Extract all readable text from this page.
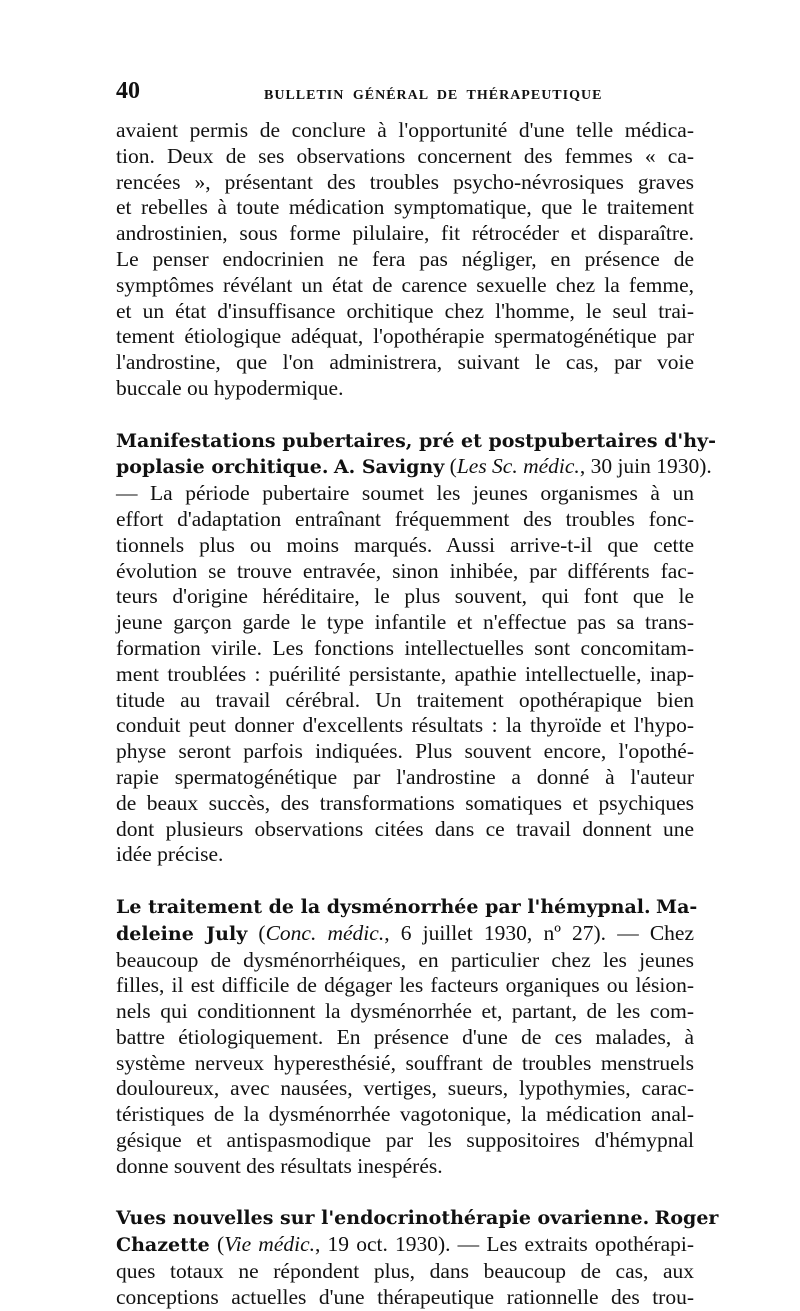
40	BULLETIN GÉNÉRAL DE THÉRAPEUTIQUE
avaient permis de conclure à l'opportunité d'une telle médica-
tion. Deux de ses observations concernent des femmes « ca-
rencées », présentant des troubles psycho-névrosiques graves
et rebelles à toute médication symptomatique, que le traitement
androstinien, sous forme pilulaire, fit rétrocéder et disparaître.
Le penser endocrinien ne fera pas négliger, en présence de
symptômes révélant un état de carence sexuelle chez la femme,
et un état d'insuffisance orchitique chez l'homme, le seul trai-
tement étiologique adéquat, l'opothérapie spermatogénétique par
l'androstine, que l'on administrera, suivant le cas, par voie
buccale ou hypodermique.
Manifestations pubertaires, pré et postpubertaires d'hy-
poplasie orchitique. A. Savigny (Les Sc. médic., 30 juin 1930).
— La période pubertaire soumet les jeunes organismes à un
effort d'adaptation entraînant fréquemment des troubles fonc-
tionnels plus ou moins marqués. Aussi arrive-t-il que cette
évolution se trouve entravée, sinon inhibée, par différents fac-
teurs d'origine héréditaire, le plus souvent, qui font que le
jeune garçon garde le type infantile et n'effectue pas sa trans-
formation virile. Les fonctions intellectuelles sont concomitam-
ment troublées : puérilité persistante, apathie intellectuelle, inap-
titude au travail cérébral. Un traitement opothérapique bien
conduit peut donner d'excellents résultats : la thyroïde et l'hypo-
physe seront parfois indiquées. Plus souvent encore, l'opothé-
rapie spermatogénétique par l'androstine a donné à l'auteur
de beaux succès, des transformations somatiques et psychiques
dont plusieurs observations citées dans ce travail donnent une
idée précise.
Le traitement de la dysménorrhée par l'hémypnal. Ma-
deleine July (Conc. médic., 6 juillet 1930, nº 27). — Chez
beaucoup de dysménorrhéiques, en particulier chez les jeunes
filles, il est difficile de dégager les facteurs organiques ou lésion-
nels qui conditionnent la dysménorrhée et, partant, de les com-
battre étiologiquement. En présence d'une de ces malades, à
système nerveux hyperesthésié, souffrant de troubles menstruels
douloureux, avec nausées, vertiges, sueurs, lypothymies, carac-
téristiques de la dysménorrhée vagotonique, la médication anal-
gésique et antispasmodique par les suppositoires d'hémypnal
donne souvent des résultats inespérés.
Vues nouvelles sur l'endocrinothérapie ovarienne. Roger
Chazette (Vie médic., 19 oct. 1930). — Les extraits opothérapi-
ques totaux ne répondent plus, dans beaucoup de cas, aux
conceptions actuelles d'une thérapeutique rationnelle des trou-
